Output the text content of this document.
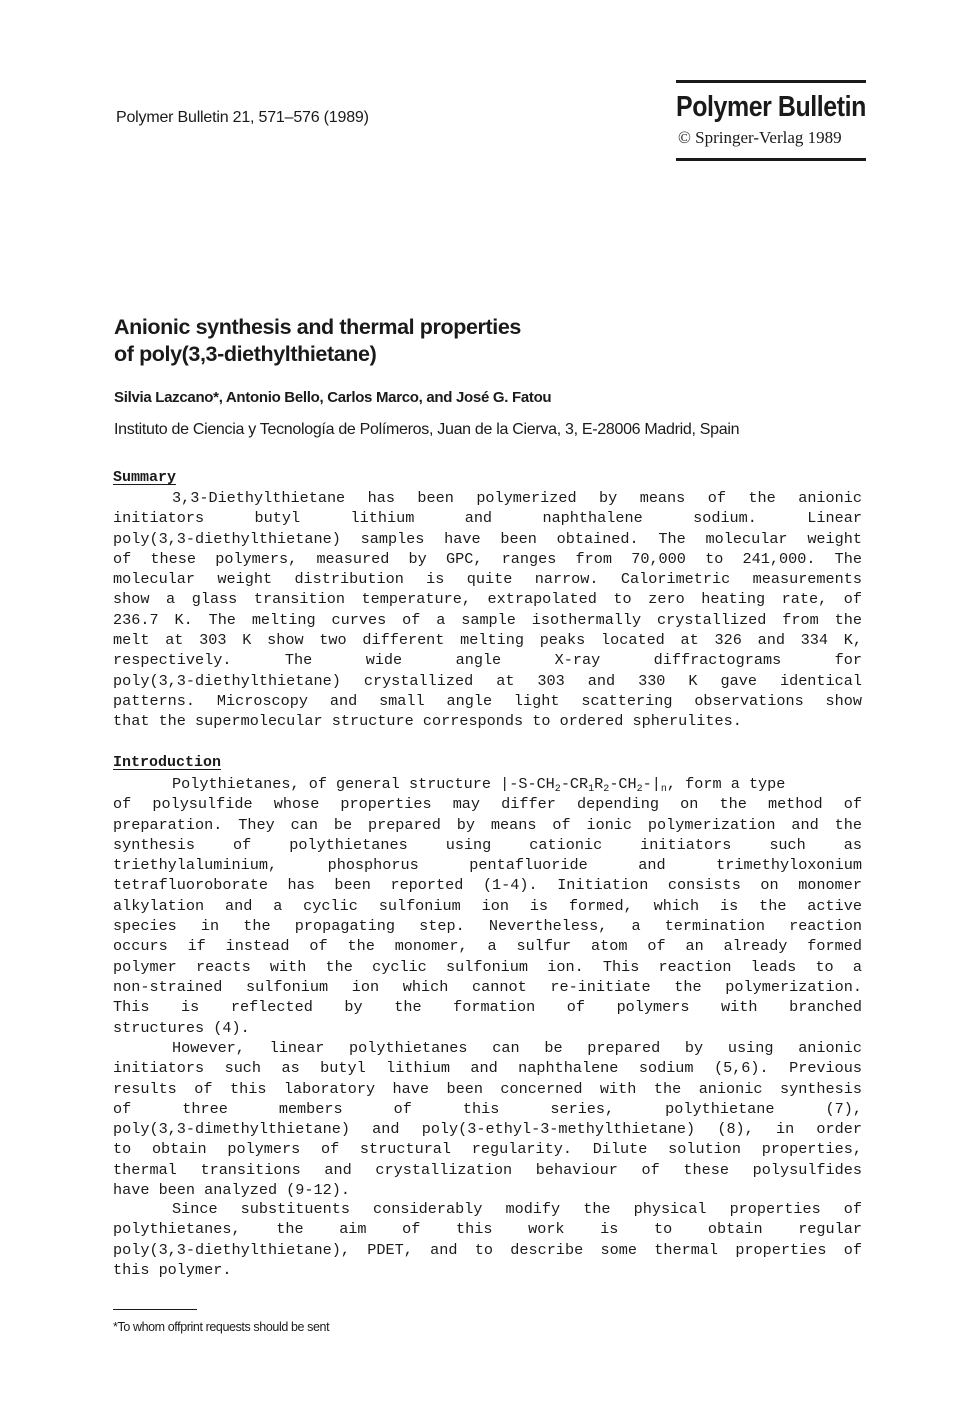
Polymer Bulletin 21, 571–576 (1989)	Polymer Bulletin
© Springer-Verlag 1989
Anionic synthesis and thermal properties
of poly(3,3-diethylthietane)
Silvia Lazcano*, Antonio Bello, Carlos Marco, and José G. Fatou
Instituto de Ciencia y Tecnología de Polímeros, Juan de la Cierva, 3, E-28006 Madrid, Spain
Summary
3,3-Diethylthietane has been polymerized by means of the anionic
initiators butyl lithium and naphthalene sodium. Linear
poly(3,3-diethylthietane) samples have been obtained. The molecular weight
of these polymers, measured by GPC, ranges from 70,000 to 241,000. The
molecular weight distribution is quite narrow. Calorimetric measurements
show a glass transition temperature, extrapolated to zero heating rate, of
236.7 K. The melting curves of a sample isothermally crystallized from the
melt at 303 K show two different melting peaks located at 326 and 334 K,
respectively. The wide angle X-ray diffractograms for
poly(3,3-diethylthietane) crystallized at 303 and 330 K gave identical
patterns. Microscopy and small angle light scattering observations show
that the supermolecular structure corresponds to ordered spherulites.
Introduction
Polythietanes, of general structure $|-S-CH_2-CR_1R_2-CH_2-|_n$, form a type
of polysulfide whose properties may differ depending on the method of
preparation. They can be prepared by means of ionic polymerization and the
synthesis of polythietanes using cationic initiators such as
triethylaluminium, phosphorus pentafluoride and trimethyloxonium
tetrafluoroborate has been reported (1-4). Initiation consists on monomer
alkylation and a cyclic sulfonium ion is formed, which is the active
species in the propagating step. Nevertheless, a termination reaction
occurs if instead of the monomer, a sulfur atom of an already formed
polymer reacts with the cyclic sulfonium ion. This reaction leads to a
non-strained sulfonium ion which cannot re-initiate the polymerization.
This is reflected by the formation of polymers with branched
structures (4).
However, linear polythietanes can be prepared by using anionic
initiators such as butyl lithium and naphthalene sodium (5,6). Previous
results of this laboratory have been concerned with the anionic synthesis
of three members of this series, polythietane (7),
poly(3,3-dimethylthietane) and poly(3-ethyl-3-methylthietane) (8), in order
to obtain polymers of structural regularity. Dilute solution properties,
thermal transitions and crystallization behaviour of these polysulfides
have been analyzed (9-12).
Since substituents considerably modify the physical properties of
polythietanes, the aim of this work is to obtain regular
poly(3,3-diethylthietane), PDET, and to describe some thermal properties of
this polymer.
*To whom offprint requests should be sent
